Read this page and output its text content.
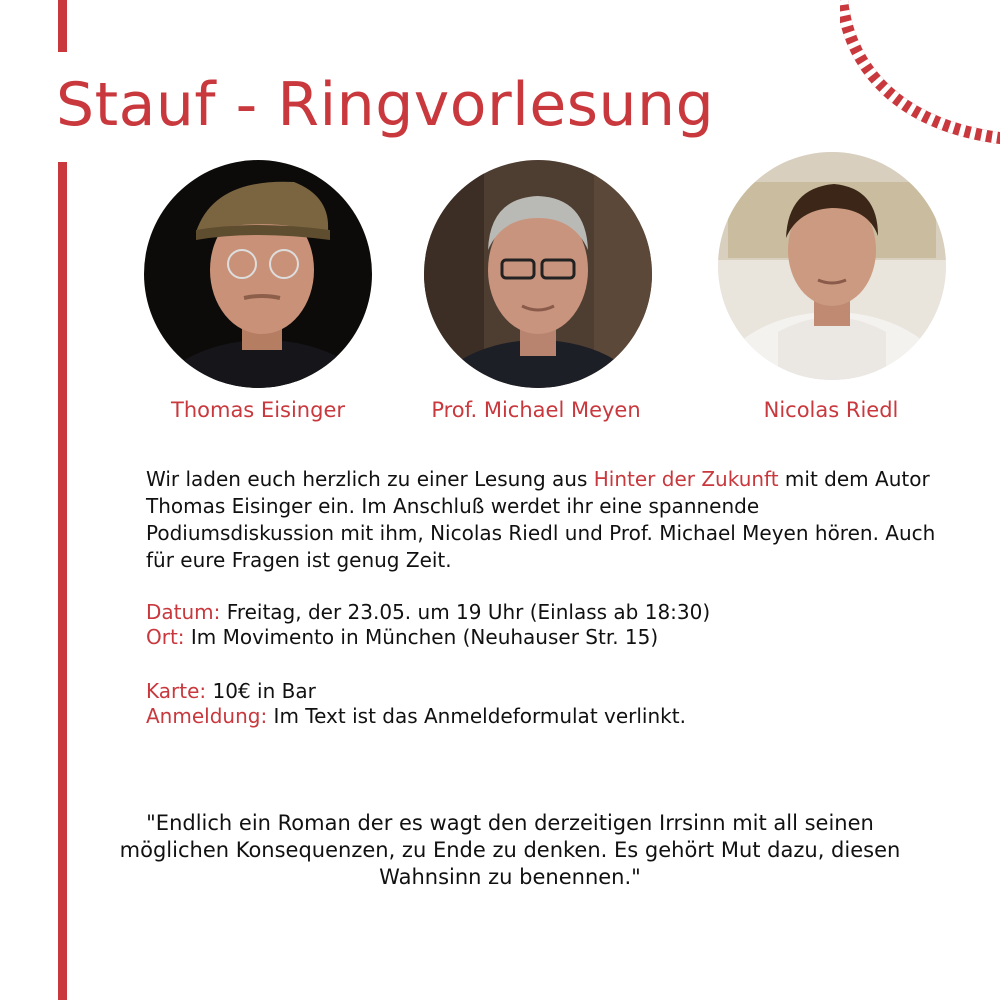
Stauf - Ringvorlesung
Thomas Eisinger	Prof. Michael Meyen	Nicolas Riedl

Wir laden euch herzlich zu einer Lesung aus Hinter der Zukunft mit dem Autor Thomas Eisinger ein. Im Anschluß werdet ihr eine spannende Podiumsdiskussion mit ihm, Nicolas Riedl und Prof. Michael Meyen hören. Auch für eure Fragen ist genug Zeit.

Datum: Freitag, der 23.05. um 19 Uhr (Einlass ab 18:30)
Ort: Im Movimento in München (Neuhauser Str. 15)
Karte: 10€ in Bar
Anmeldung: Im Text ist das Anmeldeformulat verlinkt.
"Endlich ein Roman der es wagt den derzeitigen Irrsinn mit all seinen möglichen Konsequenzen, zu Ende zu denken. Es gehört Mut dazu, diesen Wahnsinn zu benennen."
